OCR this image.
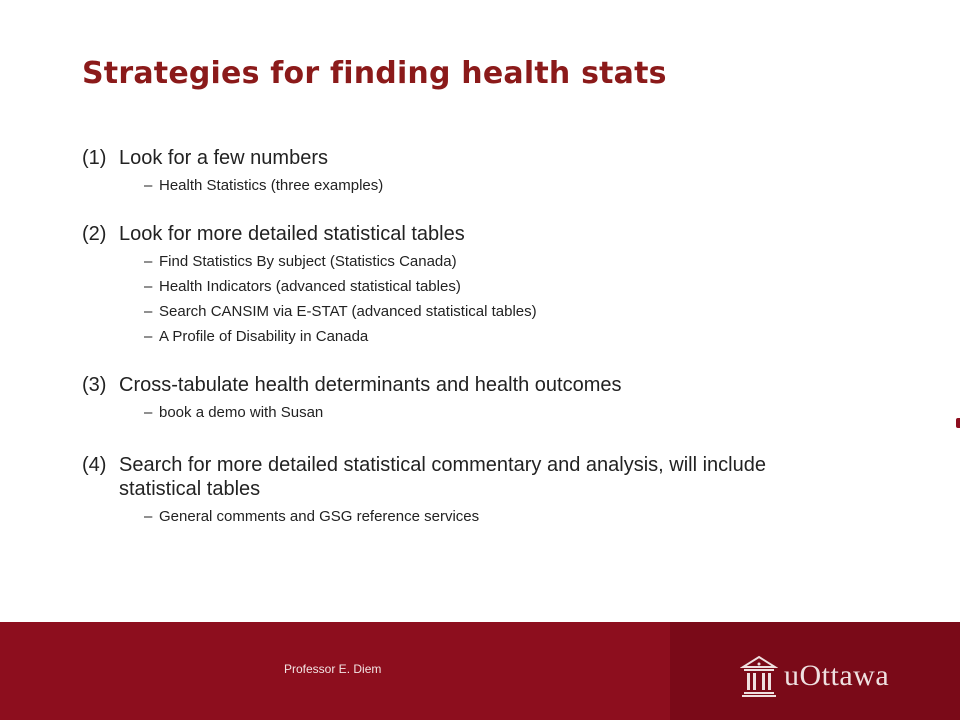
Strategies for finding health stats
(1) Look for a few numbers
– Health Statistics (three examples)
(2) Look for more detailed statistical tables
– Find Statistics By subject (Statistics Canada)
– Health Indicators (advanced statistical tables)
– Search CANSIM via E-STAT (advanced statistical tables)
– A Profile of Disability in Canada
(3) Cross-tabulate health determinants and health outcomes
– book a demo with Susan
(4) Search for more detailed statistical commentary and analysis, will include statistical tables
– General comments and GSG reference services
Professor E. Diem	uOttawa
